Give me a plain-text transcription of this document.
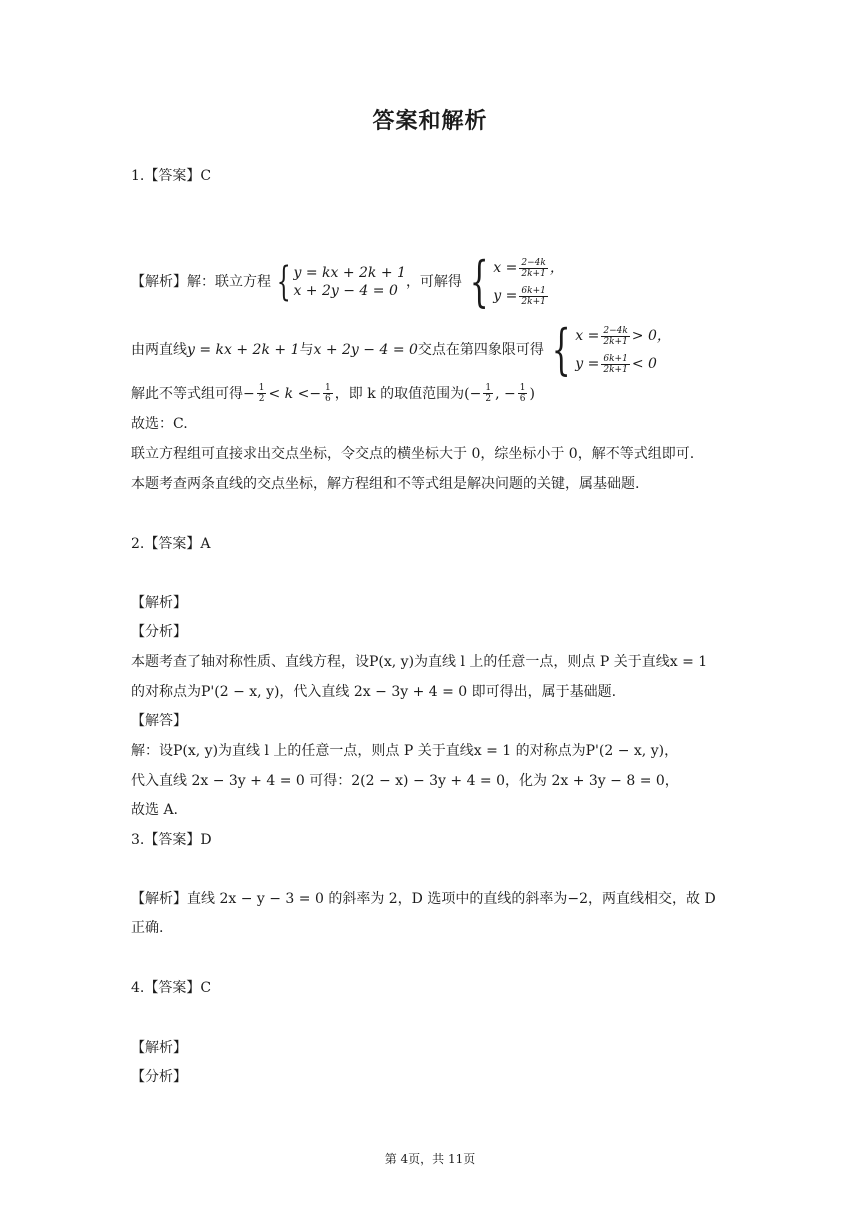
答案和解析
1.【答案】C
【解析】解：联立方程 { y = kx + 2k + 1
x + 2y − 4 = 0
，可解得 { $x = \frac{2-4k}{2k+1}$ ，
$y = \frac{6k+1}{2k+1}$
由两直线 y = kx + 2k + 1 与 x + 2y − 4 = 0 交点在第四象限可得 { $x = \frac{2-4k}{2k+1} > 0$，
$y = \frac{6k+1}{2k+1} < 0$
解此不等式组可得 − $\frac{1}{2} < k <- \frac{1}{6}$ ，即 k 的取值范围为 (− $\frac{1}{2}$ , − $\frac{1}{6}$ )
故选：C.
联立方程组可直接求出交点坐标，令交点的横坐标大于 0，综坐标小于 0，解不等式组即可.
本题考查两条直线的交点坐标，解方程组和不等式组是解决问题的关键，属基础题.
2.【答案】A
【解析】
【分析】
本题考查了轴对称性质、直线方程，设P(x, y)为直线 l 上的任意一点，则点 P 关于直线x = 1
的对称点为P'(2 − x, y)，代入直线 2x − 3y + 4 = 0 即可得出，属于基础题.
【解答】
解：设P(x, y)为直线 l 上的任意一点，则点 P 关于直线x = 1 的对称点为P'(2 − x, y)，
代入直线 2x − 3y + 4 = 0 可得：2(2 − x) − 3y + 4 = 0，化为 2x + 3y − 8 = 0，
故选 A.
3.【答案】D
【解析】直线 2x − y − 3 = 0 的斜率为 2，D 选项中的直线的斜率为−2，两直线相交，故 D
正确.
4.【答案】C
【解析】
【分析】
第 4页，共 11页
